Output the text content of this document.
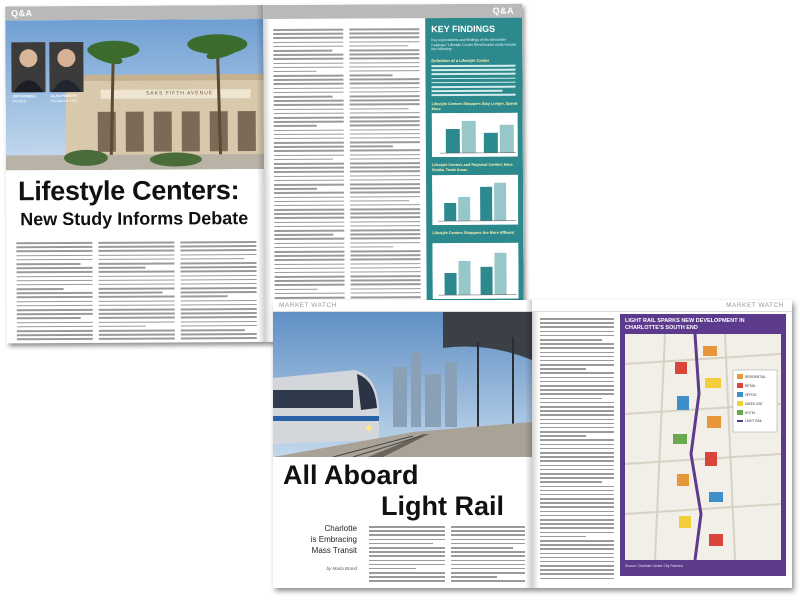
Q&A
SAKS FIFTH AVENUE
JIM PAXWELL
Principal
ALAN PICKETH
President & CEO
Lifestyle Centers:
New Study Informs Debate
Q&A
KEY FINDINGS
Key expectations and findings of the Alexander Kastings / Lifestyle Center Benchmarks study include the following:
Definition of a Lifestyle Center
Lifestyle Centers Shoppers Stay Longer, Spend More
Lifestyle Centers and Regional Centers Have Similar Trade Areas
Lifestyle Centers Shoppers Are More Affluent
MARKET WATCH
All Aboard
Light Rail
Charlotte
is Embracing
Mass Transit
by Marla Brand
MARKET WATCH
LIGHT RAIL SPARKS NEW DEVELOPMENT IN CHARLOTTE'S SOUTH END
RESIDENTIAL
RETAIL
OFFICE
MIXED USE
HOTEL
LIGHT RAIL
Source: Charlotte Center City Partners
